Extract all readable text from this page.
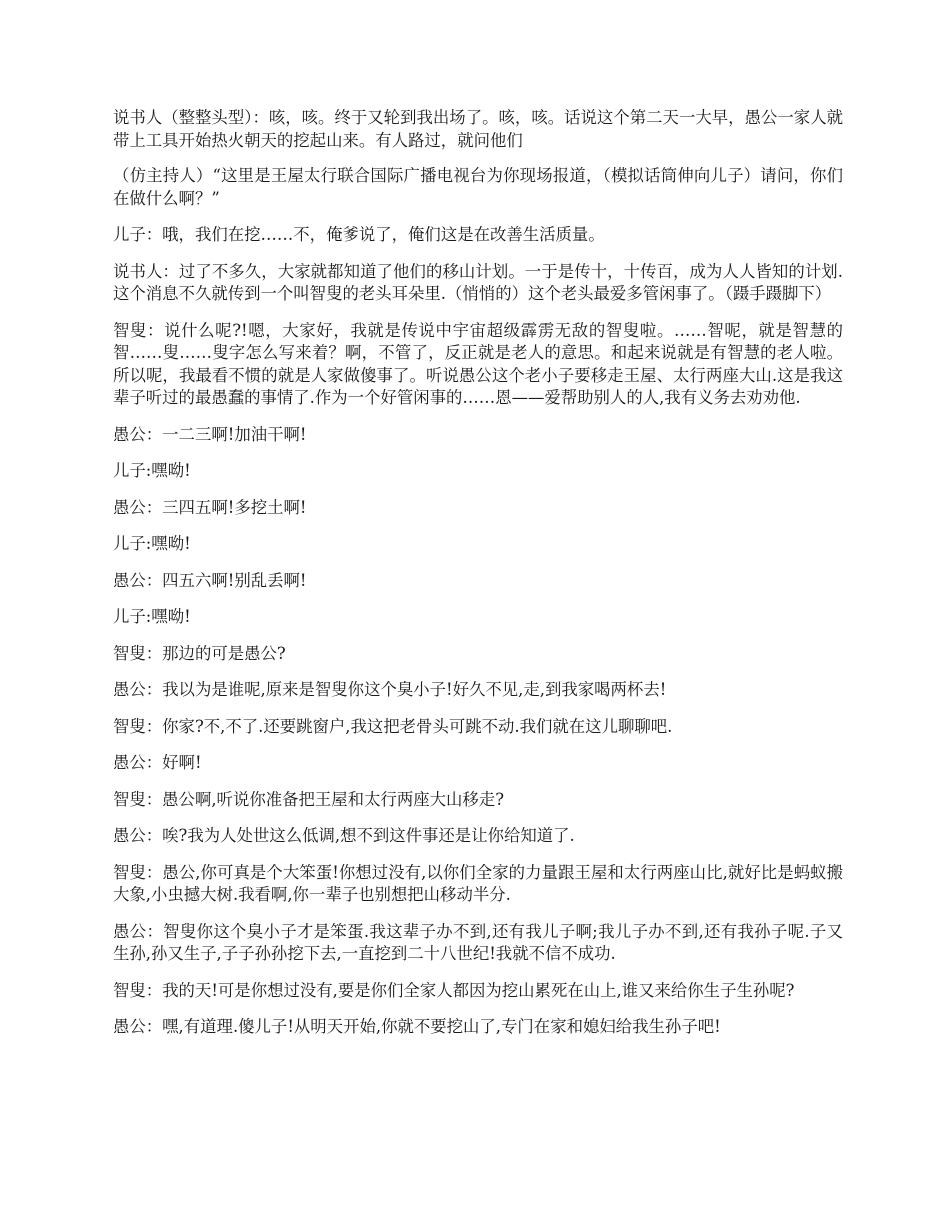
说书人（整整头型）：咳，咳。终于又轮到我出场了。咳，咳。话说这个第二天一大早，愚公一家人就带上工具开始热火朝天的挖起山来。有人路过，就问他们

（仿主持人）“这里是王屋太行联合国际广播电视台为你现场报道，（模拟话筒伸向儿子）请问，你们在做什么啊？”

儿子：哦，我们在挖……不，俺爹说了，俺们这是在改善生活质量。

说书人：过了不多久，大家就都知道了他们的移山计划。一于是传十，十传百，成为人人皆知的计划.这个消息不久就传到一个叫智叟的老头耳朵里.（悄悄的）这个老头最爱多管闲事了。（蹑手蹑脚下）

智叟：说什么呢?!嗯，大家好，我就是传说中宇宙超级霹雳无敌的智叟啦。……智呢，就是智慧的智……叟……叟字怎么写来着？啊，不管了，反正就是老人的意思。和起来说就是有智慧的老人啦。所以呢，我最看不惯的就是人家做傻事了。听说愚公这个老小子要移走王屋、太行两座大山.这是我这辈子听过的最愚蠢的事情了.作为一个好管闲事的……恩——爱帮助别人的人,我有义务去劝劝他.

愚公：一二三啊!加油干啊!

儿子:嘿呦!

愚公：三四五啊!多挖土啊!

儿子:嘿呦!

愚公：四五六啊!别乱丢啊!

儿子:嘿呦!

智叟：那边的可是愚公?

愚公：我以为是谁呢,原来是智叟你这个臭小子!好久不见,走,到我家喝两杯去!

智叟：你家?不,不了.还要跳窗户,我这把老骨头可跳不动.我们就在这儿聊聊吧.

愚公：好啊!

智叟：愚公啊,听说你准备把王屋和太行两座大山移走?

愚公：唉?我为人处世这么低调,想不到这件事还是让你给知道了.

智叟：愚公,你可真是个大笨蛋!你想过没有,以你们全家的力量跟王屋和太行两座山比,就好比是蚂蚁搬大象,小虫撼大树.我看啊,你一辈子也别想把山移动半分.

愚公：智叟你这个臭小子才是笨蛋.我这辈子办不到,还有我儿子啊;我儿子办不到,还有我孙子呢.子又生孙,孙又生子,子子孙孙挖下去,一直挖到二十八世纪!我就不信不成功.

智叟：我的天!可是你想过没有,要是你们全家人都因为挖山累死在山上,谁又来给你生子生孙呢?

愚公：嘿,有道理.傻儿子!从明天开始,你就不要挖山了,专门在家和媳妇给我生孙子吧!
